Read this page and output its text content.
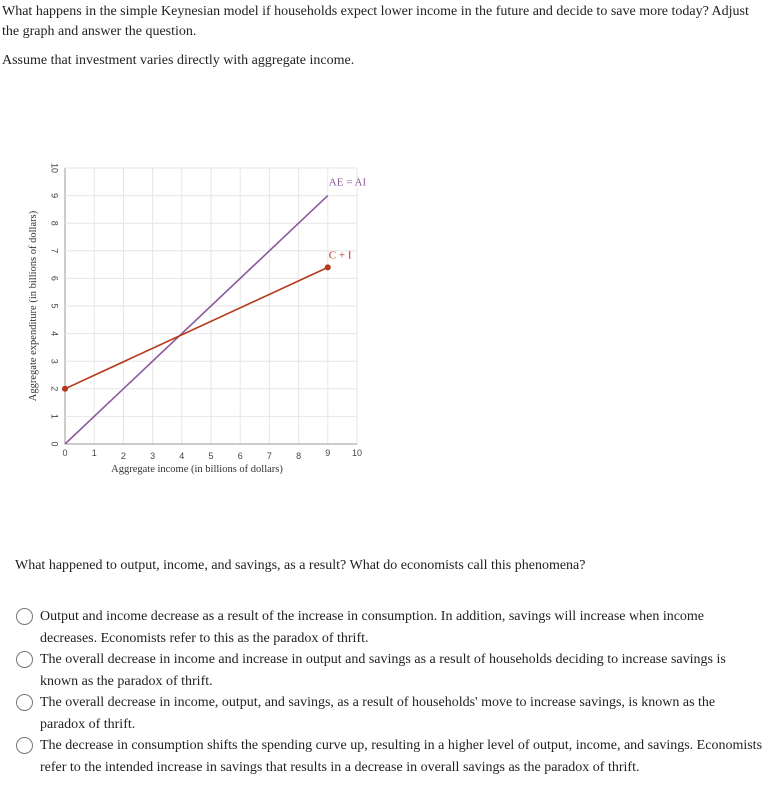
What happens in the simple Keynesian model if households expect lower income in the future and decide to save more today? Adjust the graph and answer the question.
Assume that investment varies directly with aggregate income.
0	1	2	3	4	5	6	7	8	9 10
0
1
2
3
4
5
6
7
8
9
10
AE = AI
C + I
Aggregate income (in billions of dollars)
Aggregate expenditure (in billions of dollars)
What happened to output, income, and savings, as a result? What do economists call this phenomena?
Output and income decrease as a result of the increase in consumption. In addition, savings will increase when income decreases. Economists refer to this as the paradox of thrift.
The overall decrease in income and increase in output and savings as a result of households deciding to increase savings is known as the paradox of thrift.
The overall decrease in income, output, and savings, as a result of households' move to increase savings, is known as the paradox of thrift.
The decrease in consumption shifts the spending curve up, resulting in a higher level of output, income, and savings. Economists refer to the intended increase in savings that results in a decrease in overall savings as the paradox of thrift.
